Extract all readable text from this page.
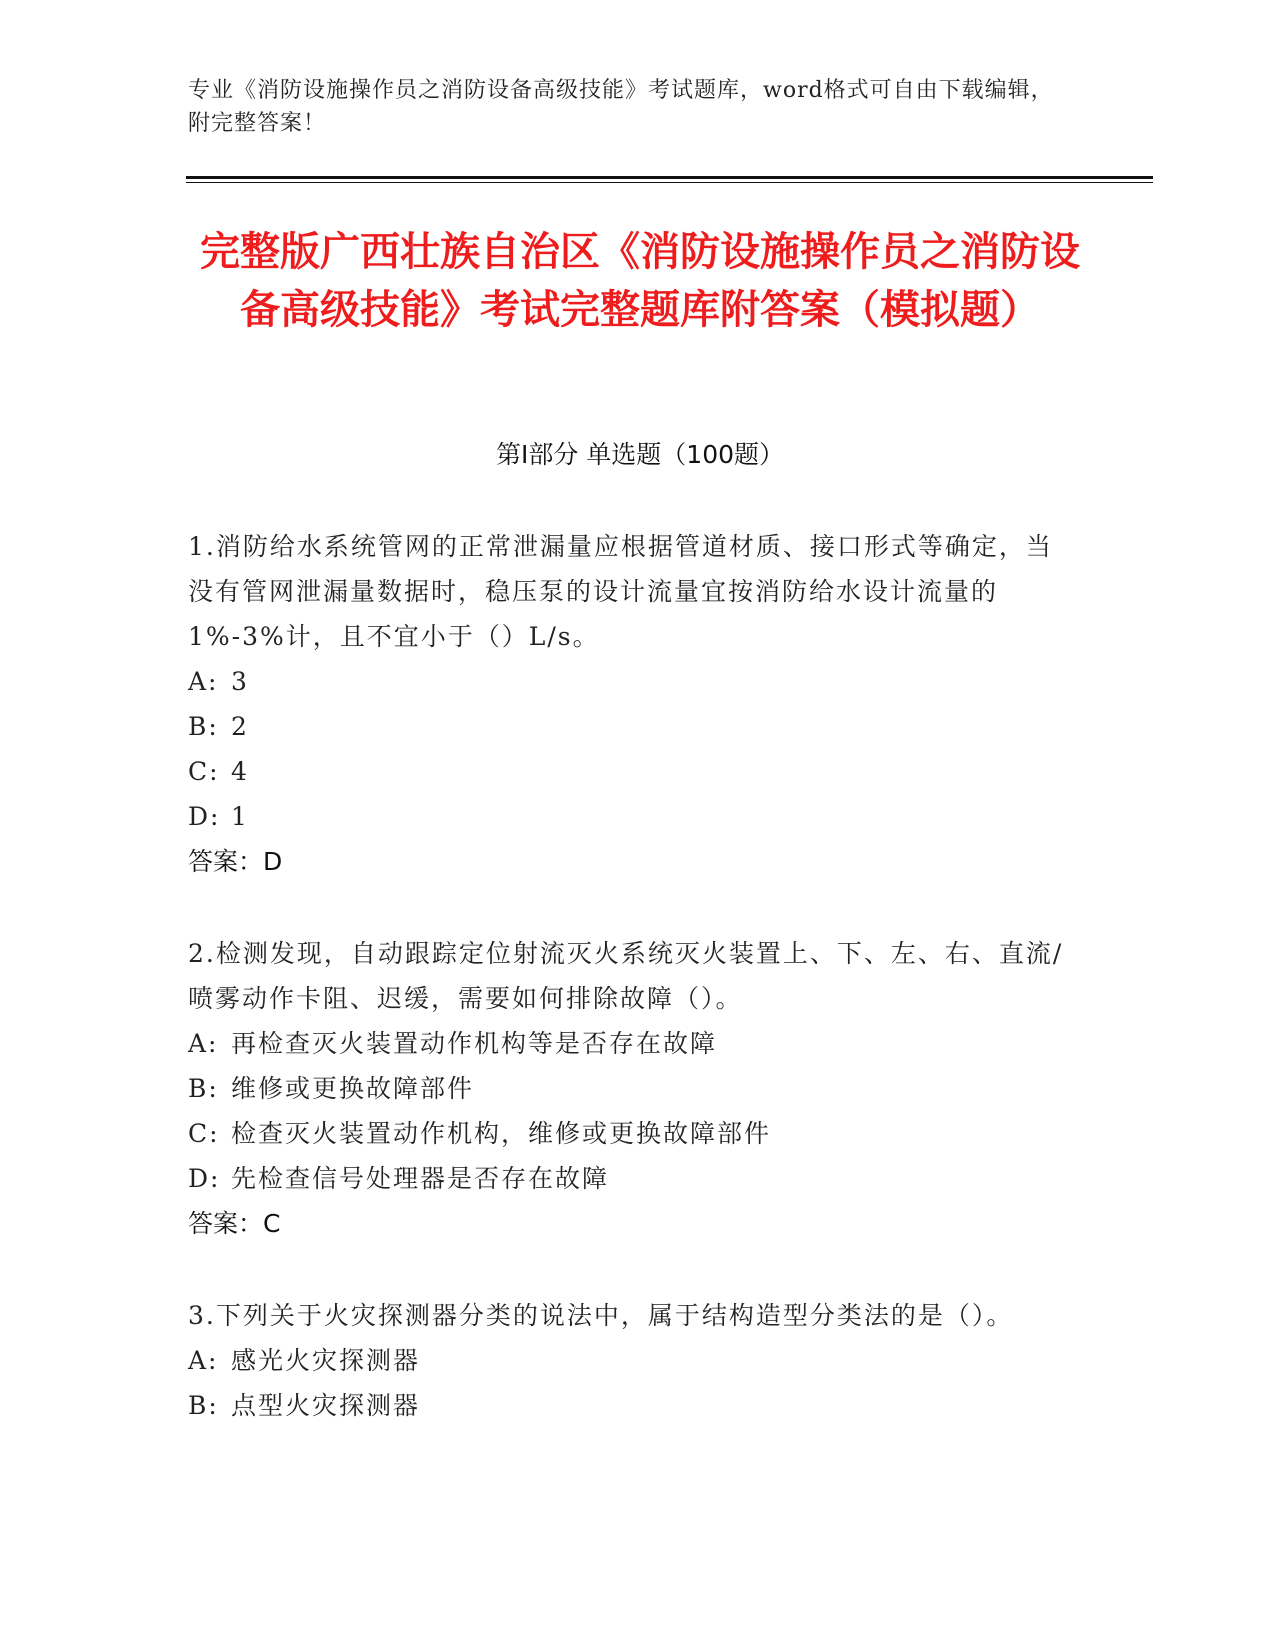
专业《消防设施操作员之消防设备高级技能》考试题库，word格式可自由下载编辑，附完整答案！
完整版广西壮族自治区《消防设施操作员之消防设备高级技能》考试完整题库附答案（模拟题）
第Ⅰ部分 单选题（100题）
1.消防给水系统管网的正常泄漏量应根据管道材质、接口形式等确定，当没有管网泄漏量数据时，稳压泵的设计流量宜按消防给水设计流量的1%-3%计，且不宜小于（）L/s。
A: 3
B: 2
C: 4
D: 1
答案：D
2.检测发现，自动跟踪定位射流灭火系统灭火装置上、下、左、右、直流/喷雾动作卡阻、迟缓，需要如何排除故障（）。
A: 再检查灭火装置动作机构等是否存在故障
B: 维修或更换故障部件
C: 检查灭火装置动作机构，维修或更换故障部件
D: 先检查信号处理器是否存在故障
答案：C
3.下列关于火灾探测器分类的说法中，属于结构造型分类法的是（）。
A: 感光火灾探测器
B: 点型火灾探测器
